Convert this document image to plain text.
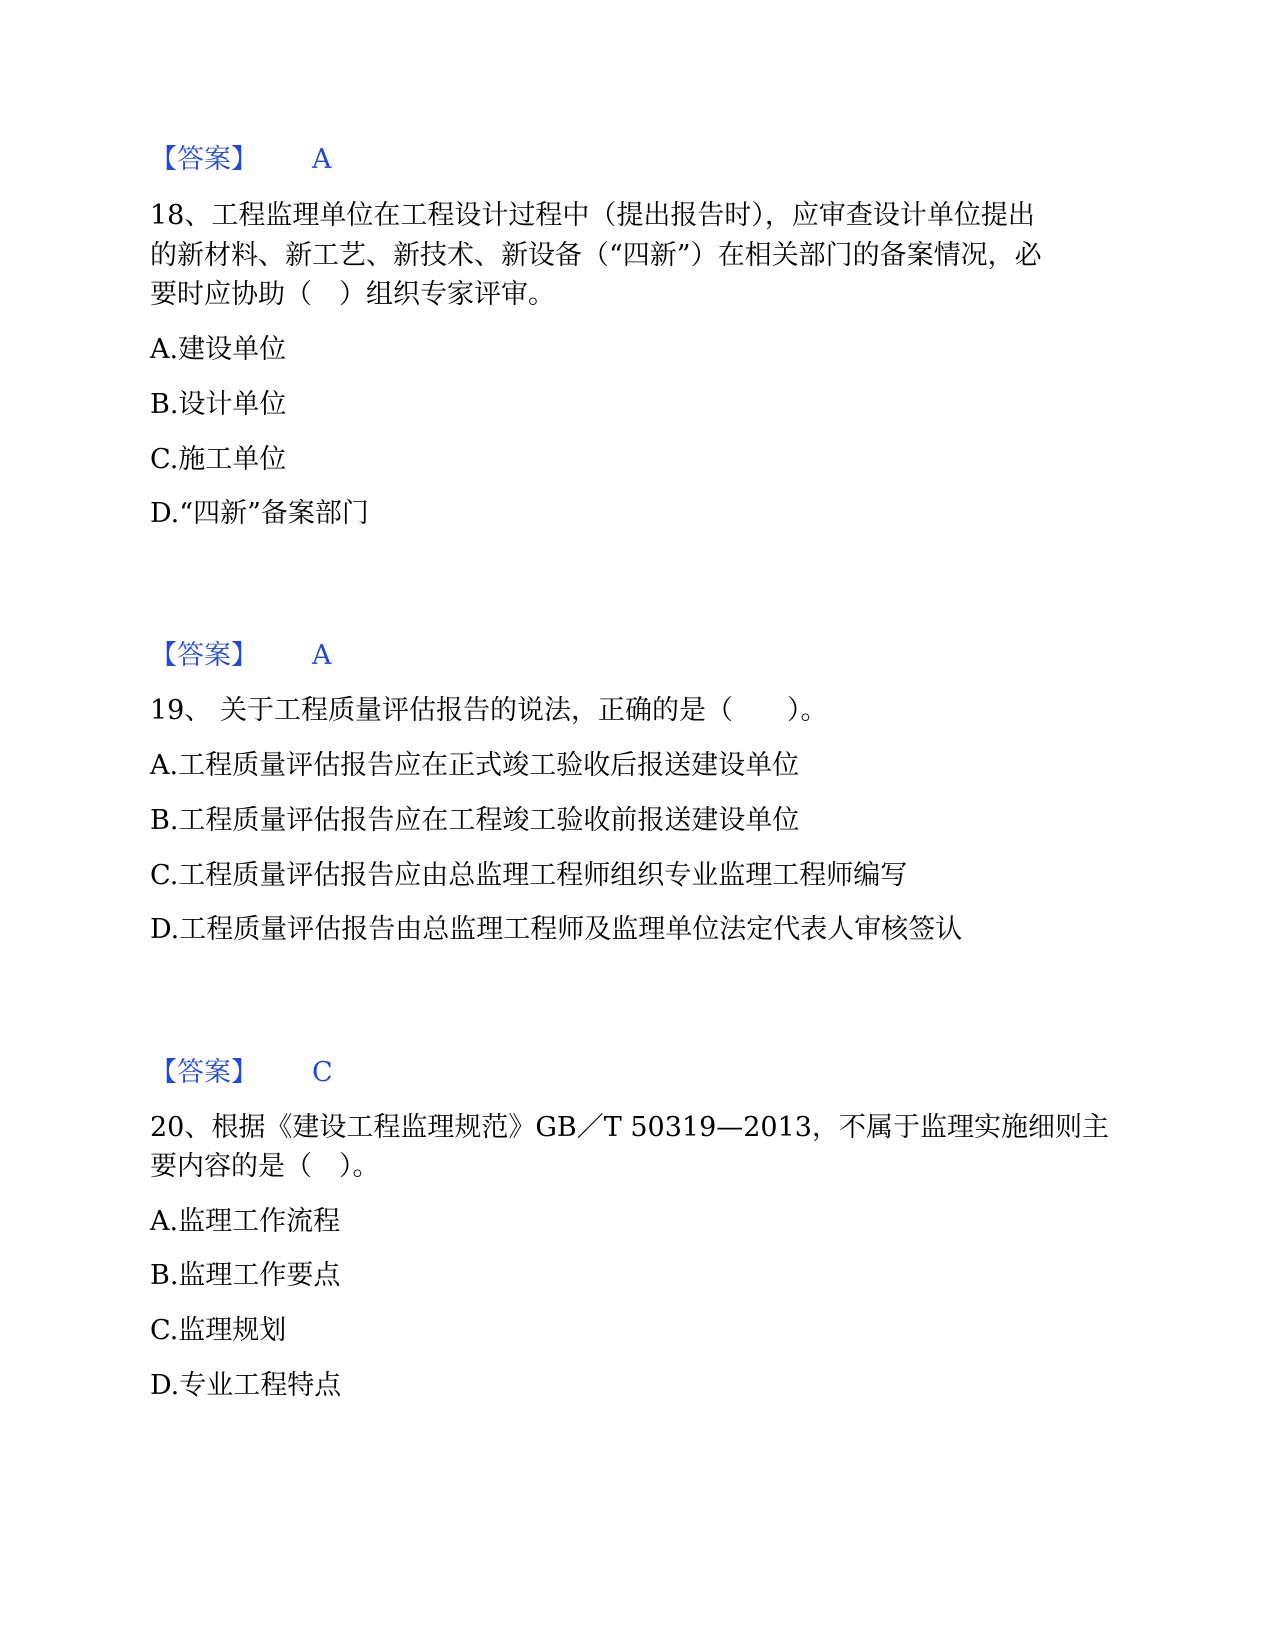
【答案】 A
18、工程监理单位在工程设计过程中（提出报告时），应审查设计单位提出
的新材料、新工艺、新技术、新设备（“四新”）在相关部门的备案情况，必
要时应协助（　）组织专家评审。
A.建设单位
B.设计单位
C.施工单位
D.“四新”备案部门
【答案】 A
19、 关于工程质量评估报告的说法，正确的是（　　）。
A.工程质量评估报告应在正式竣工验收后报送建设单位
B.工程质量评估报告应在工程竣工验收前报送建设单位
C.工程质量评估报告应由总监理工程师组织专业监理工程师编写
D.工程质量评估报告由总监理工程师及监理单位法定代表人审核签认
【答案】 C
20、根据《建设工程监理规范》GB／T 50319—2013，不属于监理实施细则主
要内容的是（　）。
A.监理工作流程
B.监理工作要点
C.监理规划
D.专业工程特点
